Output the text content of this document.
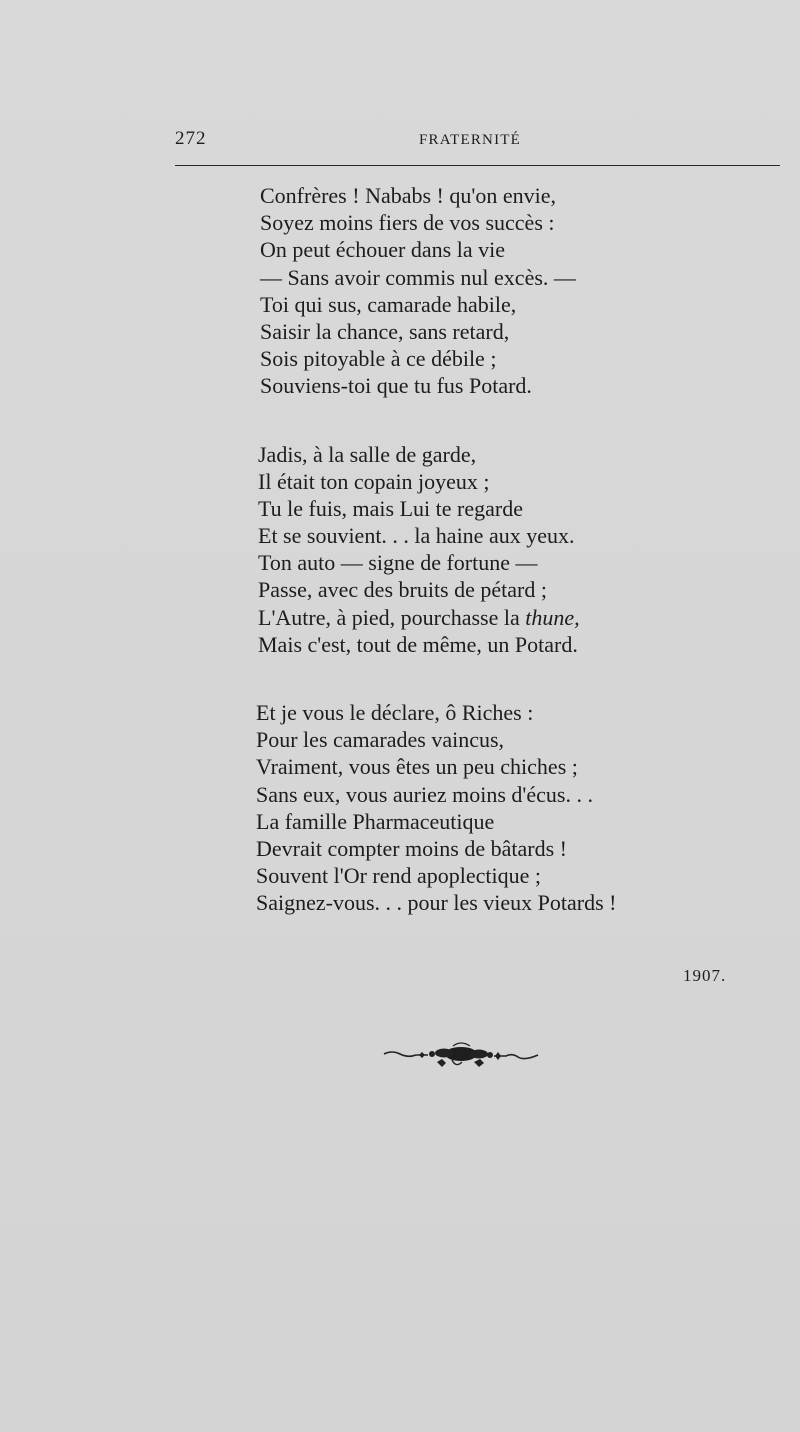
272	FRATERNITÉ
Confrères ! Nababs ! qu'on envie,
Soyez moins fiers de vos succès :
On peut échouer dans la vie
— Sans avoir commis nul excès. —
Toi qui sus, camarade habile,
Saisir la chance, sans retard,
Sois pitoyable à ce débile ;
Souviens-toi que tu fus Potard.
Jadis, à la salle de garde,
Il était ton copain joyeux ;
Tu le fuis, mais Lui te regarde
Et se souvient. . . la haine aux yeux.
Ton auto — signe de fortune —
Passe, avec des bruits de pétard ;
L'Autre, à pied, pourchasse la thune,
Mais c'est, tout de même, un Potard.
Et je vous le déclare, ô Riches :
Pour les camarades vaincus,
Vraiment, vous êtes un peu chiches ;
Sans eux, vous auriez moins d'écus. . .
La famille Pharmaceutique
Devrait compter moins de bâtards !
Souvent l'Or rend apoplectique ;
Saignez-vous. . . pour les vieux Potards !
1907.
